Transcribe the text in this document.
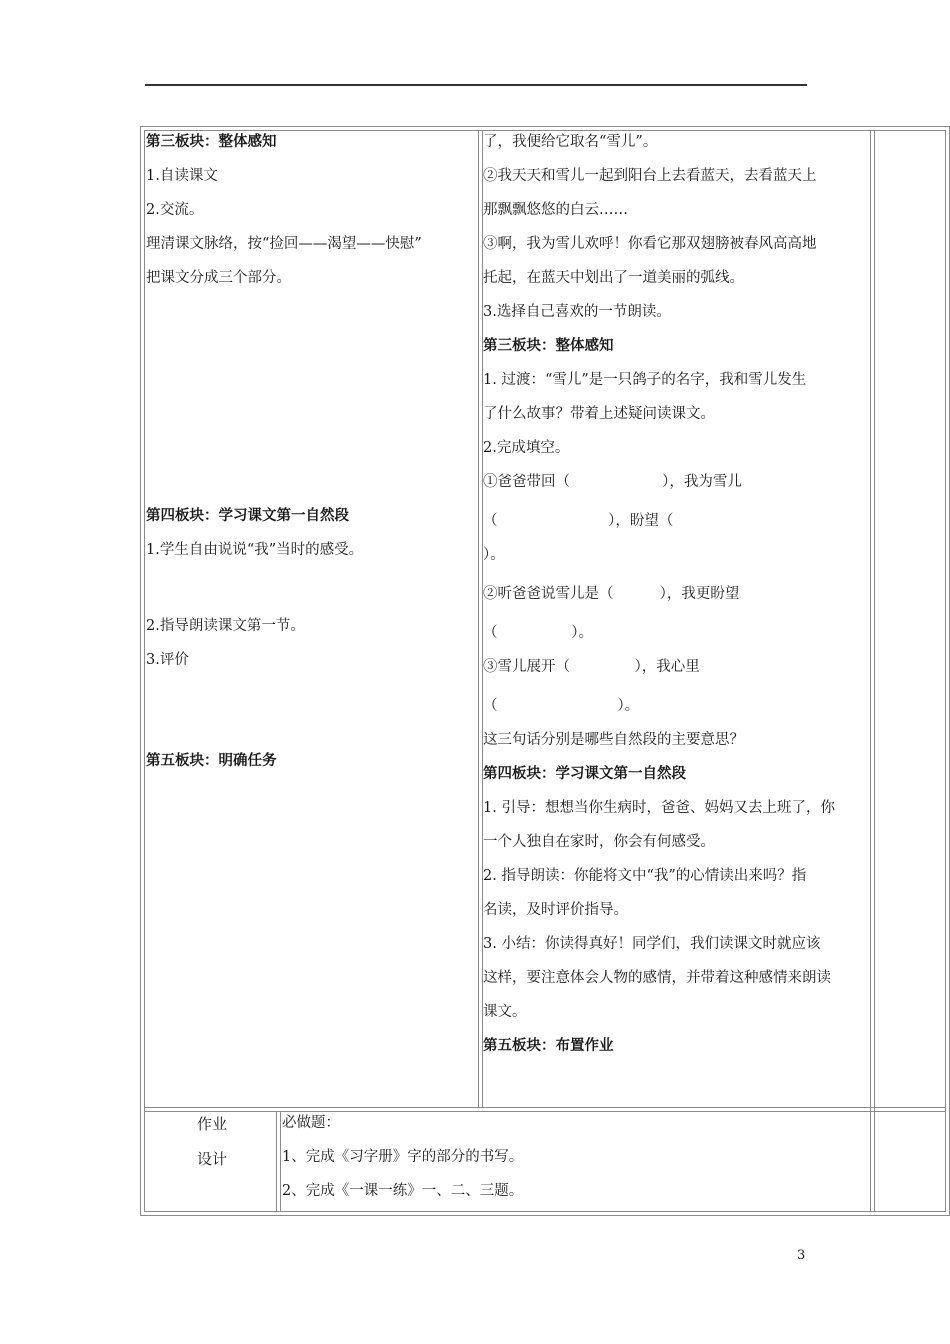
第三板块：整体感知

1.自读课文

2.交流。

理清课文脉络，按“捡回——渴望——快慰”

把课文分成三个部分。

第四板块：学习课文第一自然段

1.学生自由说说“我”当时的感受。

2.指导朗读课文第一节。

3.评价

第五板块：明确任务

了，我便给它取名“雪儿”。

②我天天和雪儿一起到阳台上去看蓝天，去看蓝天上

那飘飘悠悠的白云……

③啊，我为雪儿欢呼！你看它那双翅膀被春风高高地

托起，在蓝天中划出了一道美丽的弧线。

3.选择自己喜欢的一节朗读。

第三板块：整体感知

1. 过渡：“雪儿”是一只鸽子的名字，我和雪儿发生

了什么故事？带着上述疑问读课文。

2.完成填空。

①爸爸带回（                    ），我为雪儿

（                        ），盼望（

）。

②听爸爸说雪儿是（          ），我更盼望

（                ）。

③雪儿展开（              ），我心里

（                          ）。

这三句话分别是哪些自然段的主要意思？

第四板块：学习课文第一自然段

1. 引导：想想当你生病时，爸爸、妈妈又去上班了，你

一个人独自在家时，你会有何感受。

2. 指导朗读：你能将文中“我”的心情读出来吗？指

名读，及时评价指导。

3. 小结：你读得真好！同学们，我们读课文时就应该

这样，要注意体会人物的感情，并带着这种感情来朗读

课文。

第五板块：布置作业

作业
设计

必做题：

1、完成《习字册》字的部分的书写。

2、完成《一课一练》一、二、三题。

3
